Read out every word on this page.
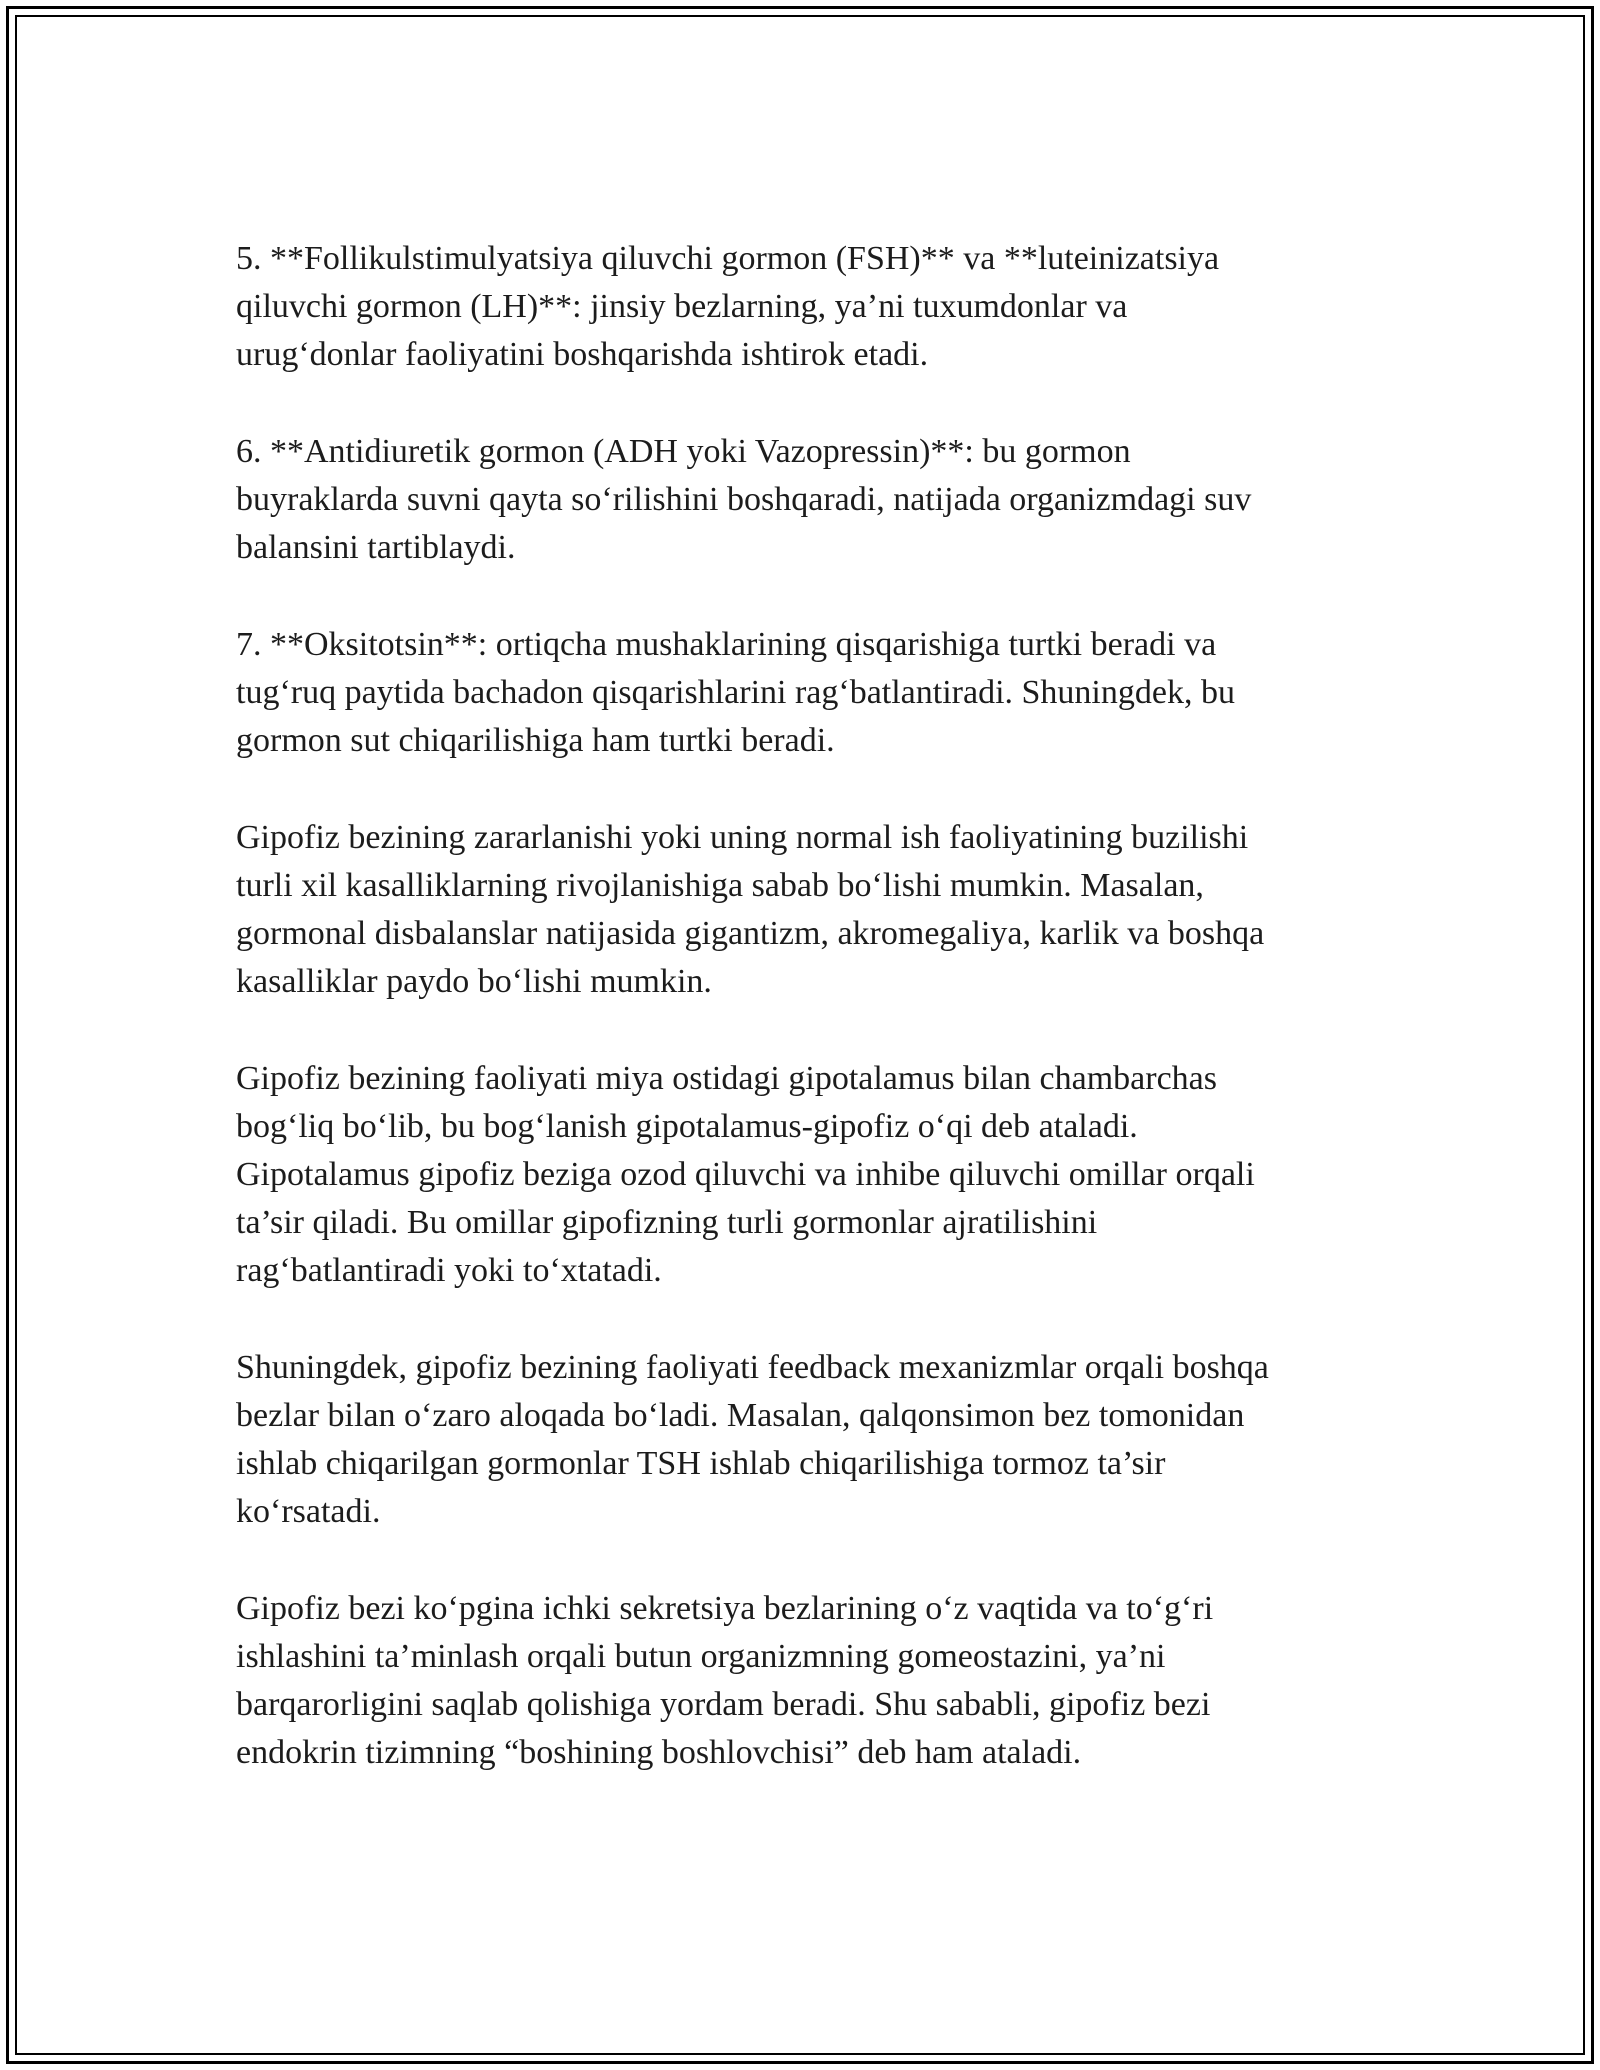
5. **Follikulstimulyatsiya qiluvchi gormon (FSH)** va **luteinizatsiya
qiluvchi gormon (LH)**: jinsiy bezlarning, ya’ni tuxumdonlar va
urug‘donlar faoliyatini boshqarishda ishtirok etadi.

6. **Antidiuretik gormon (ADH yoki Vazopressin)**: bu gormon
buyraklarda suvni qayta so‘rilishini boshqaradi, natijada organizmdagi suv
balansini tartiblaydi.

7. **Oksitotsin**: ortiqcha mushaklarining qisqarishiga turtki beradi va
tug‘ruq paytida bachadon qisqarishlarini rag‘batlantiradi. Shuningdek, bu
gormon sut chiqarilishiga ham turtki beradi.

Gipofiz bezining zararlanishi yoki uning normal ish faoliyatining buzilishi
turli xil kasalliklarning rivojlanishiga sabab bo‘lishi mumkin. Masalan,
gormonal disbalanslar natijasida gigantizm, akromegaliya, karlik va boshqa
kasalliklar paydo bo‘lishi mumkin.

Gipofiz bezining faoliyati miya ostidagi gipotalamus bilan chambarchas
bog‘liq bo‘lib, bu bog‘lanish gipotalamus-gipofiz o‘qi deb ataladi.
Gipotalamus gipofiz beziga ozod qiluvchi va inhibe qiluvchi omillar orqali
ta’sir qiladi. Bu omillar gipofizning turli gormonlar ajratilishini
rag‘batlantiradi yoki to‘xtatadi.

Shuningdek, gipofiz bezining faoliyati feedback mexanizmlar orqali boshqa
bezlar bilan o‘zaro aloqada bo‘ladi. Masalan, qalqonsimon bez tomonidan
ishlab chiqarilgan gormonlar TSH ishlab chiqarilishiga tormoz ta’sir
ko‘rsatadi.

Gipofiz bezi ko‘pgina ichki sekretsiya bezlarining o‘z vaqtida va to‘g‘ri
ishlashini ta’minlash orqali butun organizmning gomeostazini, ya’ni
barqarorligini saqlab qolishiga yordam beradi. Shu sababli, gipofiz bezi
endokrin tizimning “boshining boshlovchisi” deb ham ataladi.
